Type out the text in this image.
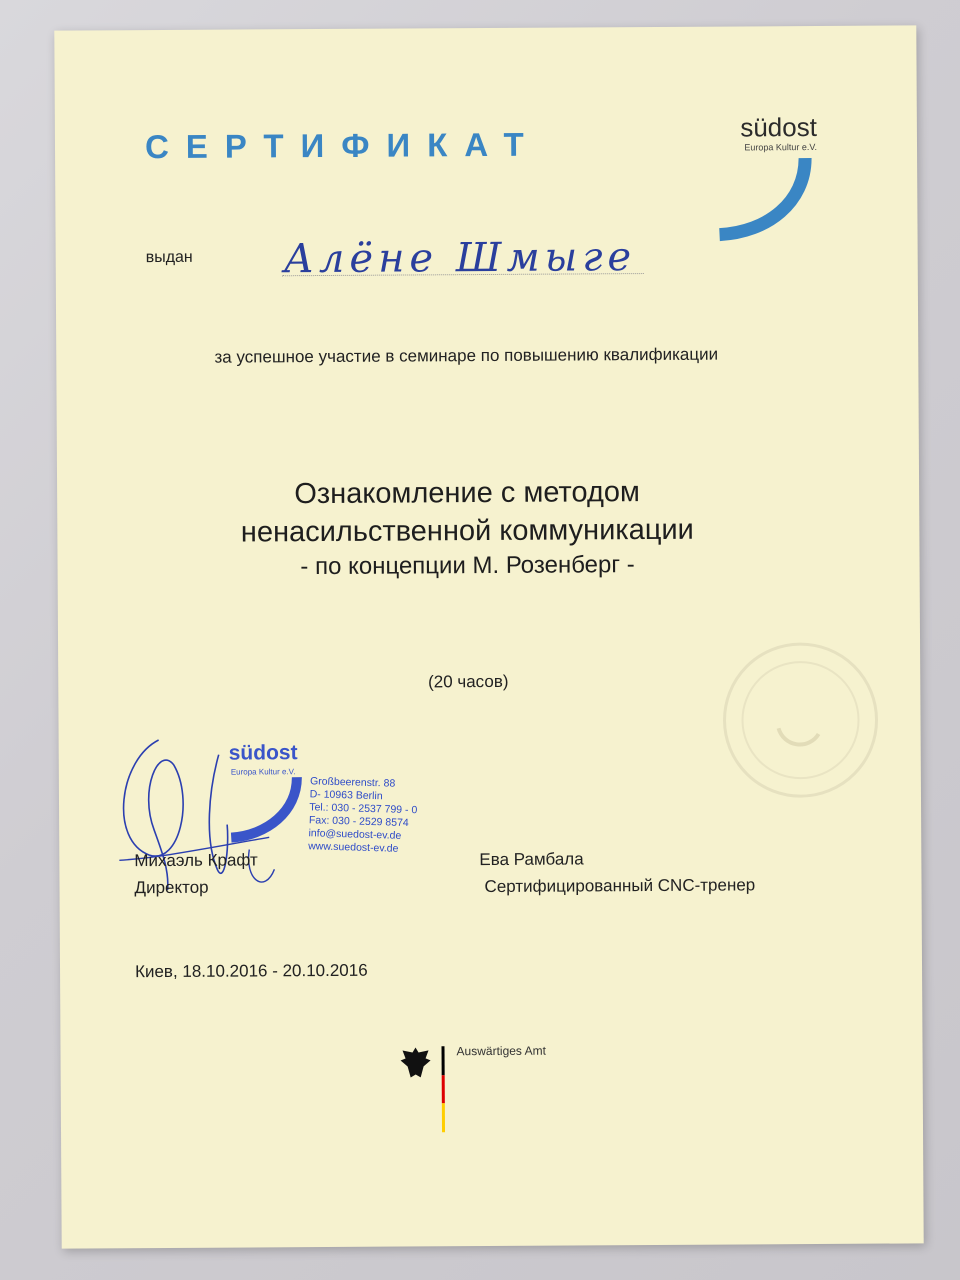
СЕРТИФИКАТ	südost
Europa Kultur e.V.
выдан Алёне Шмыге
за успешное участие в семинаре по повышению квалификации
Ознакомление с методом
ненасильственной коммуникации
- по концепции М. Розенберг -
(20 часов)
südost
Europa Kultur e.V.
Großbeerenstr. 88
D- 10963 Berlin
Tel.: 030 - 2537 799 - 0
Fax: 030 - 2529 8574
info@suedost-ev.de
www.suedost-ev.de
Михаэль Крафт
Директор
Ева Рамбала
Сертифицированный CNC-тренер
Киев, 18.10.2016 - 20.10.2016
Auswärtiges Amt
